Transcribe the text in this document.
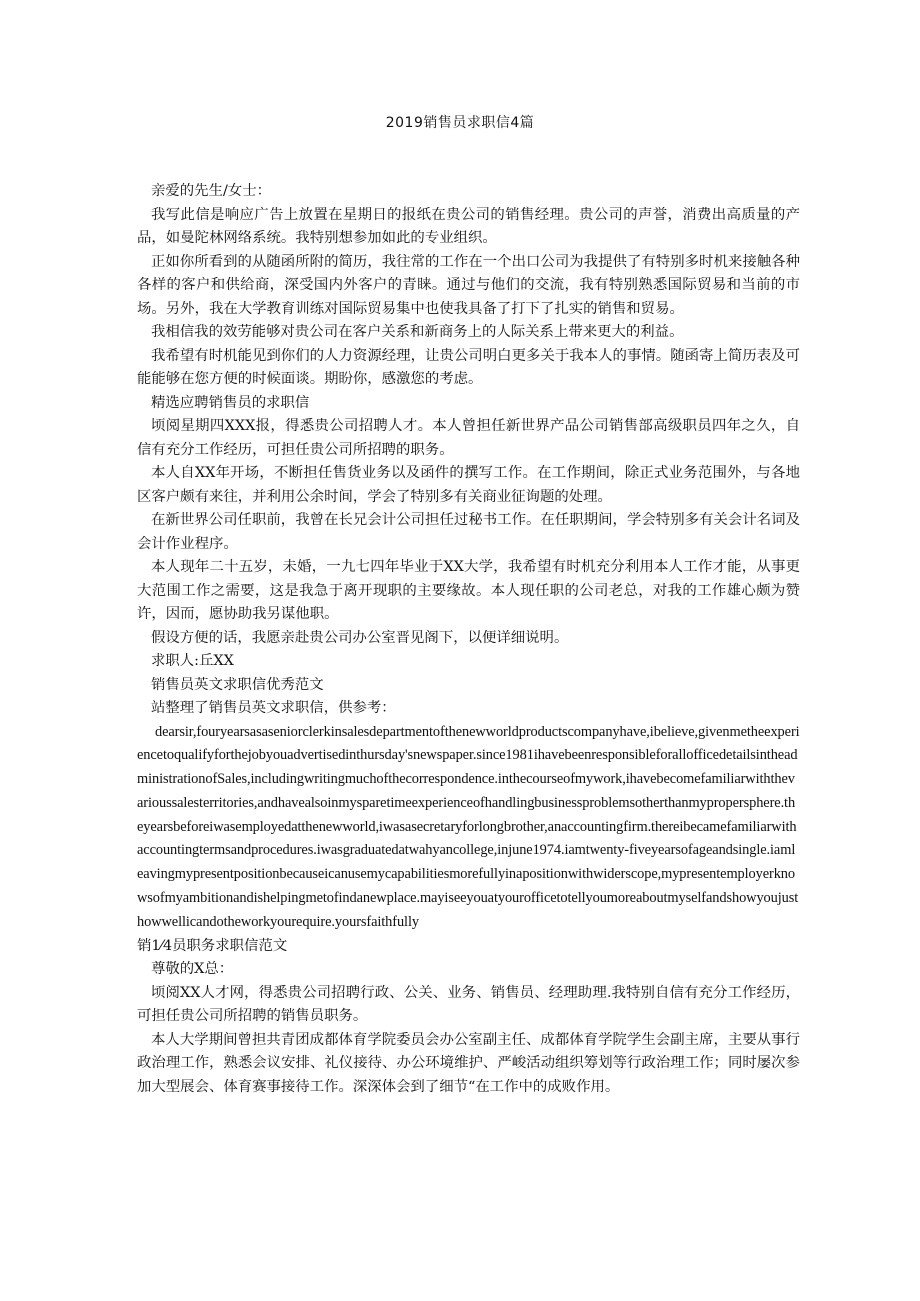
2019销售员求职信4篇

亲爱的先生/女士：

我写此信是响应广告上放置在星期日的报纸在贵公司的销售经理。贵公司的声誉，消费出高质量的产品，如曼陀林网络系统。我特别想参加如此的专业组织。

正如你所看到的从随函所附的简历，我往常的工作在一个出口公司为我提供了有特别多时机来接触各种各样的客户和供给商，深受国内外客户的青睐。通过与他们的交流，我有特别熟悉国际贸易和当前的市场。另外，我在大学教育训练对国际贸易集中也使我具备了打下了扎实的销售和贸易。

我相信我的效劳能够对贵公司在客户关系和新商务上的人际关系上带来更大的利益。

我希望有时机能见到你们的人力资源经理，让贵公司明白更多关于我本人的事情。随函寄上简历表及可能能够在您方便的时候面谈。期盼你，感激您的考虑。

精选应聘销售员的求职信

顷阅星期四XXX报，得悉贵公司招聘人才。本人曾担任新世界产品公司销售部高级职员四年之久，自信有充分工作经历，可担任贵公司所招聘的职务。

本人自XX年开场，不断担任售货业务以及函件的撰写工作。在工作期间，除正式业务范围外，与各地区客户颇有来往，并利用公余时间，学会了特别多有关商业征询题的处理。

在新世界公司任职前，我曾在长兄会计公司担任过秘书工作。在任职期间，学会特别多有关会计名词及会计作业程序。

本人现年二十五岁，未婚，一九七四年毕业于XX大学，我希望有时机充分利用本人工作才能，从事更大范围工作之需要，这是我急于离开现职的主要缘故。本人现任职的公司老总，对我的工作雄心颇为赞许，因而，愿协助我另谋他职。

假设方便的话，我愿亲赴贵公司办公室晋见阁下，以便详细说明。

求职人:丘XX

销售员英文求职信优秀范文

站整理了销售员英文求职信，供参考：

dearsir,fouryearsasaseniorclerkinsalesdepartmentofthenewworldproductscompanyhave,ibelieve,givenmetheexperiencetoqualifyforthejobyouadvertisedinthursday'snewspaper.since1981ihavebeenresponsibleforallofficedetailsintheadministrationofSales,includingwritingmuchofthecorrespondence.inthecourseofmywork,ihavebecomefamiliarwiththevarioussalesterritories,andhavealsoinmysparetimeexperienceofhandlingbusinessproblemsotherthanmypropersphere.theyearsbeforeiwasemployedatthenewworld,iwasasecretaryforlongbrother,anaccountingfirm.thereibecamefamiliarwithaccountingtermsandprocedures.iwasgraduatedatwahyancollege,injune1974.iamtwenty-fiveyearsofageandsingle.iamleavingmypresentpositionbecauseicanusemycapabilitiesmorefullyinapositionwithwiderscope,mypresentemployerknowsofmyambitionandishelpingmetofindanewplace.mayiseeyouatyourofficetotellyoumoreaboutmyselfandshowyoujusthowwellicandotheworkyourequire.yoursfaithfully

销1⁄4员职务求职信范文

尊敬的X总：

顷阅XX人才网，得悉贵公司招聘行政、公关、业务、销售员、经理助理.我特别自信有充分工作经历，可担任贵公司所招聘的销售员职务。

本人大学期间曾担共青团成都体育学院委员会办公室副主任、成都体育学院学生会副主席，主要从事行政治理工作，熟悉会议安排、礼仪接待、办公环境维护、严峻活动组织筹划等行政治理工作；同时屡次参加大型展会、体育赛事接待工作。深深体会到了细节“在工作中的成败作用。
